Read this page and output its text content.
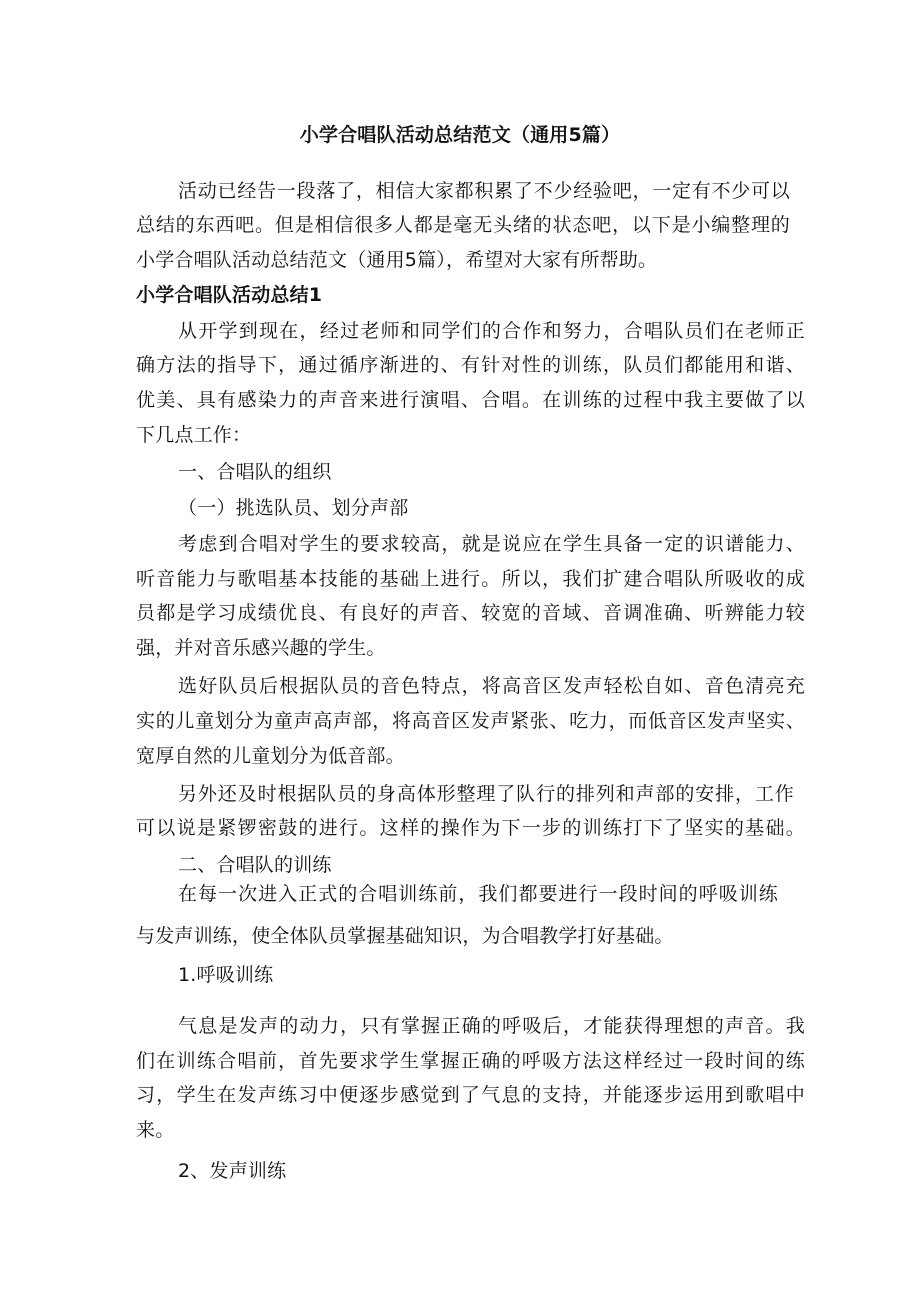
小学合唱队活动总结范文（通用5篇）
活动已经告一段落了，相信大家都积累了不少经验吧，一定有不少可以
总结的东西吧。但是相信很多人都是毫无头绪的状态吧，以下是小编整理的
小学合唱队活动总结范文（通用5篇），希望对大家有所帮助。
小学合唱队活动总结1
从开学到现在，经过老师和同学们的合作和努力，合唱队员们在老师正
确方法的指导下，通过循序渐进的、有针对性的训练，队员们都能用和谐、
优美、具有感染力的声音来进行演唱、合唱。在训练的过程中我主要做了以
下几点工作：
一、合唱队的组织
（一）挑选队员、划分声部
考虑到合唱对学生的要求较高，就是说应在学生具备一定的识谱能力、
听音能力与歌唱基本技能的基础上进行。所以，我们扩建合唱队所吸收的成
员都是学习成绩优良、有良好的声音、较宽的音域、音调准确、听辨能力较
强，并对音乐感兴趣的学生。
选好队员后根据队员的音色特点，将高音区发声轻松自如、音色清亮充
实的儿童划分为童声高声部，将高音区发声紧张、吃力，而低音区发声坚实、
宽厚自然的儿童划分为低音部。
另外还及时根据队员的身高体形整理了队行的排列和声部的安排，工作
可以说是紧锣密鼓的进行。这样的操作为下一步的训练打下了坚实的基础。
二、合唱队的训练
在每一次进入正式的合唱训练前，我们都要进行一段时间的呼吸训练
与发声训练，使全体队员掌握基础知识，为合唱教学打好基础。
1.呼吸训练
气息是发声的动力，只有掌握正确的呼吸后，才能获得理想的声音。我
们在训练合唱前，首先要求学生掌握正确的呼吸方法这样经过一段时间的练
习，学生在发声练习中便逐步感觉到了气息的支持，并能逐步运用到歌唱中
来。
2、发声训练
